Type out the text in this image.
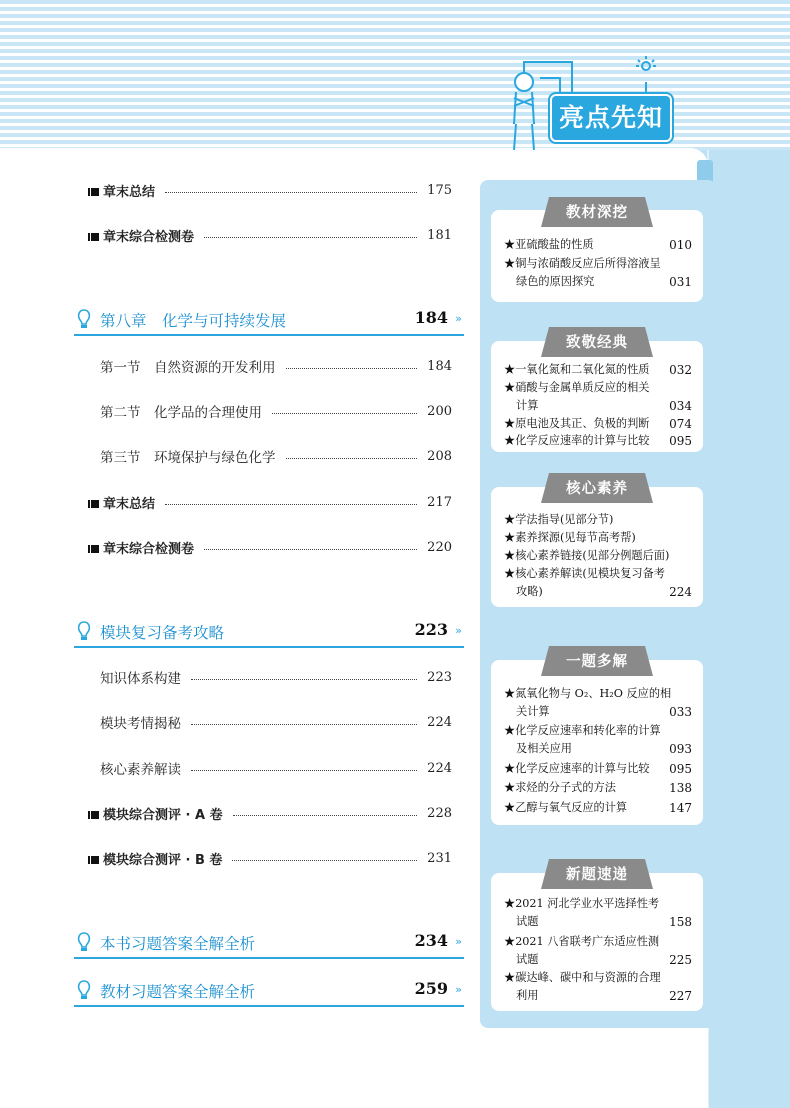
亮点先知
章末总结	175
章末综合检测卷	181
第八章　化学与可持续发展	184 »
第一节　自然资源的开发利用	184
第二节　化学品的合理使用	200
第三节　环境保护与绿色化学	208
章末总结	217
章末综合检测卷	220
模块复习备考攻略	223 »
知识体系构建	223
模块考情揭秘	224
核心素养解读	224
模块综合测评 · A 卷	228
模块综合测评 · B 卷	231
本书习题答案全解全析	234 »
教材习题答案全解全析	259 »
教材深挖
★亚硫酸盐的性质	010
★铜与浓硝酸反应后所得溶液呈
绿色的原因探究	031
致敬经典
★一氧化氮和二氧化氮的性质	032
★硝酸与金属单质反应的相关
计算	034
★原电池及其正、负极的判断	074
★化学反应速率的计算与比较	095
核心素养
★学法指导(见部分节)
★素养探源(见每节高考帮)
★核心素养链接(见部分例题后面)
★核心素养解读(见模块复习备考
攻略)	224
一题多解
★氮氧化物与 O₂、H₂O 反应的相
关计算	033
★化学反应速率和转化率的计算
及相关应用	093
★化学反应速率的计算与比较	095
★求烃的分子式的方法	138
★乙醇与氧气反应的计算	147
新题速递
★2021 河北学业水平选择性考
试题	158
★2021 八省联考广东适应性测
试题	225
★碳达峰、碳中和与资源的合理
利用	227
